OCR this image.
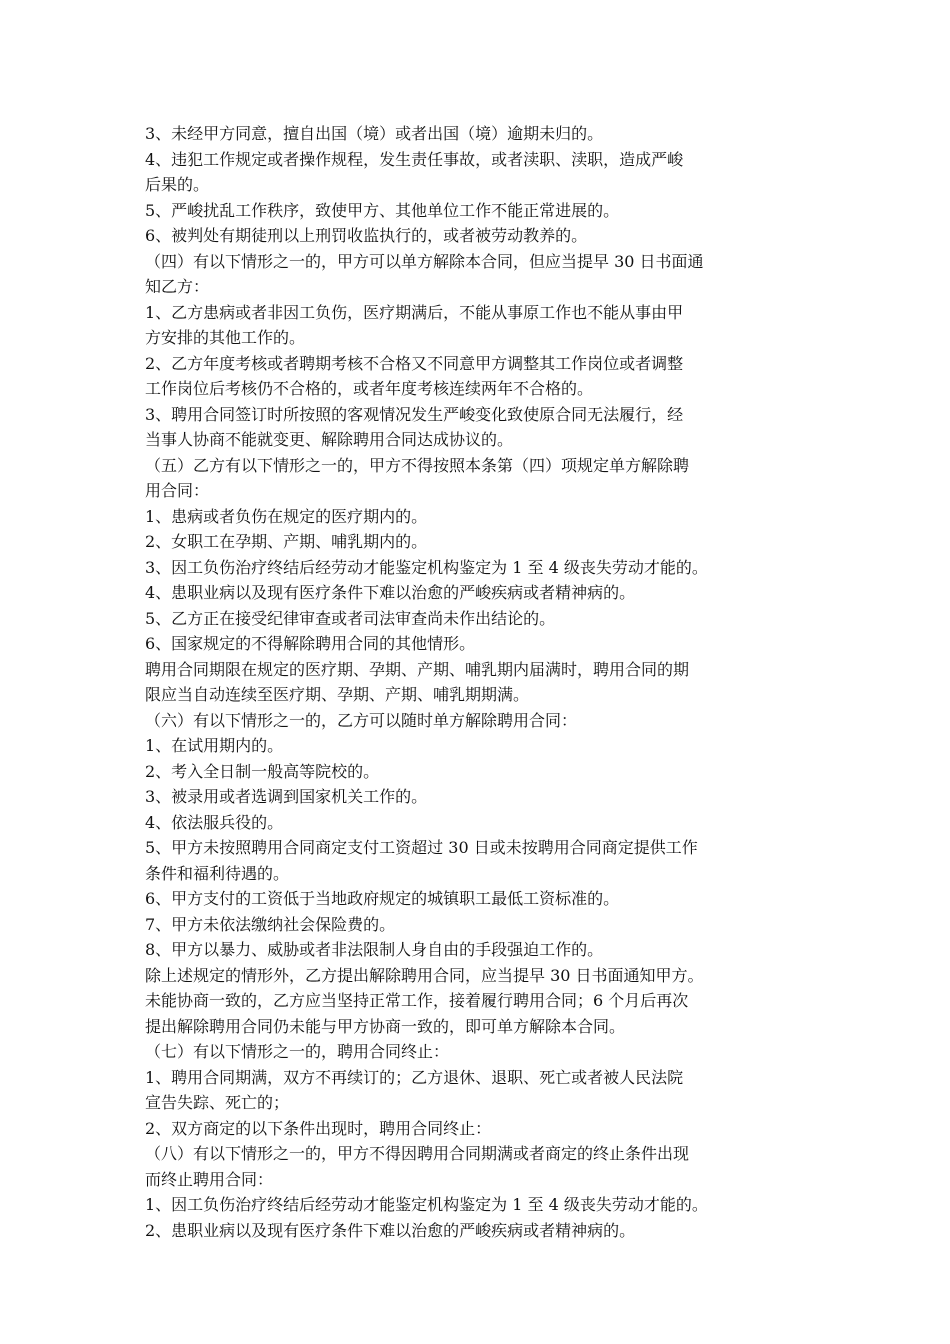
3、未经甲方同意，擅自出国（境）或者出国（境）逾期未归的。

4、违犯工作规定或者操作规程，发生责任事故，或者渎职、渎职，造成严峻

后果的。

5、严峻扰乱工作秩序，致使甲方、其他单位工作不能正常进展的。

6、被判处有期徒刑以上刑罚收监执行的，或者被劳动教养的。

（四）有以下情形之一的，甲方可以单方解除本合同，但应当提早 30 日书面通

知乙方：

1、乙方患病或者非因工负伤，医疗期满后，不能从事原工作也不能从事由甲

方安排的其他工作的。

2、乙方年度考核或者聘期考核不合格又不同意甲方调整其工作岗位或者调整

工作岗位后考核仍不合格的，或者年度考核连续两年不合格的。

3、聘用合同签订时所按照的客观情况发生严峻变化致使原合同无法履行，经

当事人协商不能就变更、解除聘用合同达成协议的。

（五）乙方有以下情形之一的，甲方不得按照本条第（四）项规定单方解除聘

用合同：

1、患病或者负伤在规定的医疗期内的。

2、女职工在孕期、产期、哺乳期内的。

3、因工负伤治疗终结后经劳动才能鉴定机构鉴定为 1 至 4 级丧失劳动才能的。

4、患职业病以及现有医疗条件下难以治愈的严峻疾病或者精神病的。

5、乙方正在接受纪律审查或者司法审查尚未作出结论的。

6、国家规定的不得解除聘用合同的其他情形。

聘用合同期限在规定的医疗期、孕期、产期、哺乳期内届满时，聘用合同的期

限应当自动连续至医疗期、孕期、产期、哺乳期期满。

（六）有以下情形之一的，乙方可以随时单方解除聘用合同：

1、在试用期内的。

2、考入全日制一般高等院校的。

3、被录用或者选调到国家机关工作的。

4、依法服兵役的。

5、甲方未按照聘用合同商定支付工资超过 30 日或未按聘用合同商定提供工作

条件和福利待遇的。

6、甲方支付的工资低于当地政府规定的城镇职工最低工资标准的。

7、甲方未依法缴纳社会保险费的。

8、甲方以暴力、威胁或者非法限制人身自由的手段强迫工作的。

除上述规定的情形外，乙方提出解除聘用合同，应当提早 30 日书面通知甲方。

未能协商一致的，乙方应当坚持正常工作，接着履行聘用合同；6 个月后再次

提出解除聘用合同仍未能与甲方协商一致的，即可单方解除本合同。

（七）有以下情形之一的，聘用合同终止：

1、聘用合同期满，双方不再续订的；乙方退休、退职、死亡或者被人民法院

宣告失踪、死亡的；

2、双方商定的以下条件出现时，聘用合同终止：

（八）有以下情形之一的，甲方不得因聘用合同期满或者商定的终止条件出现

而终止聘用合同：

1、因工负伤治疗终结后经劳动才能鉴定机构鉴定为 1 至 4 级丧失劳动才能的。

2、患职业病以及现有医疗条件下难以治愈的严峻疾病或者精神病的。
